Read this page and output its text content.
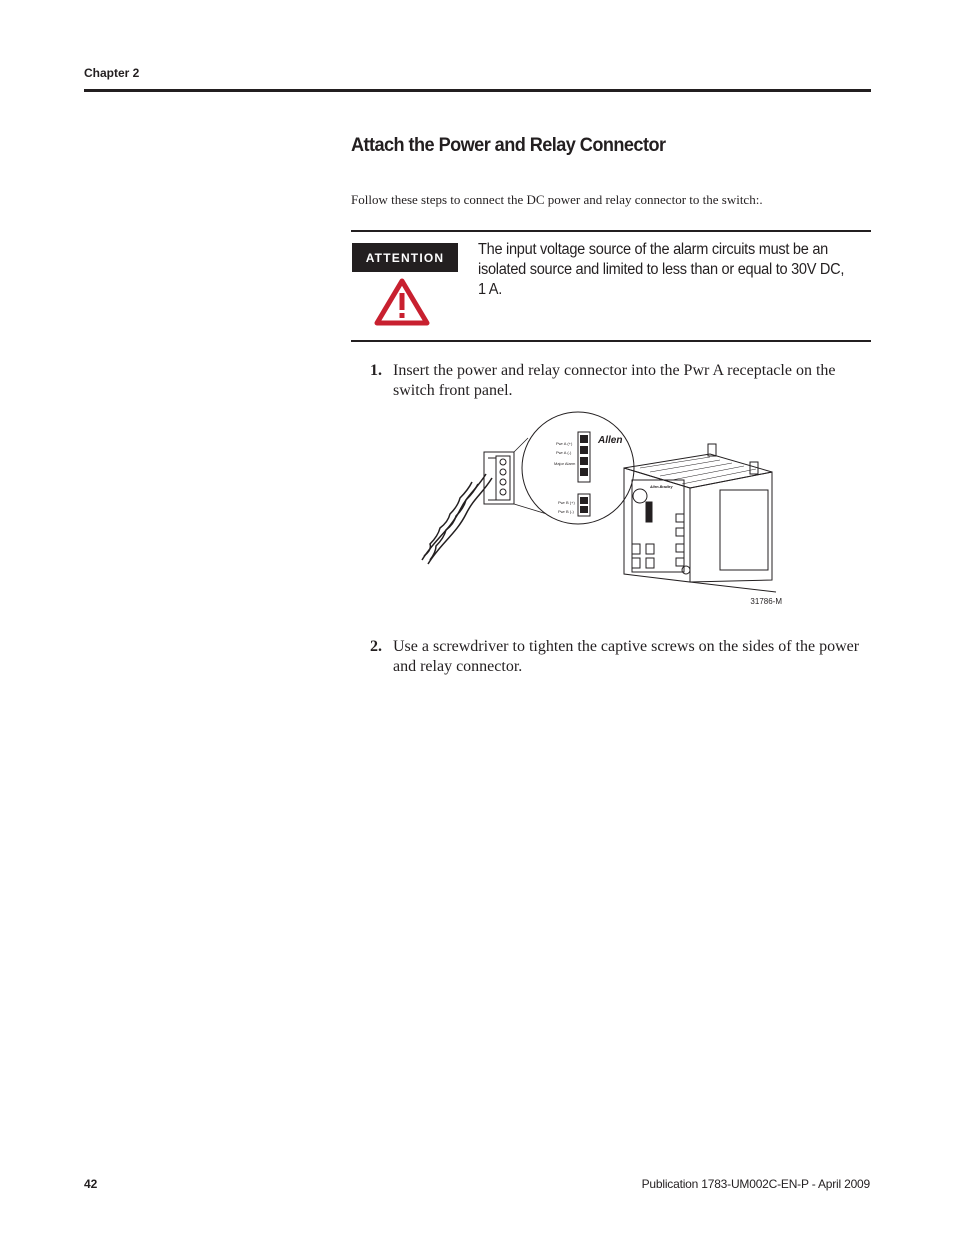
Chapter 2
Attach the Power and Relay Connector
Follow these steps to connect the DC power and relay connector to the switch:.
ATTENTION	The input voltage source of the alarm circuits must be an isolated source and limited to less than or equal to 30V DC, 1 A.
1. Insert the power and relay connector into the Pwr A receptacle on the switch front panel.
Allen
Pwr A (+)
Pwr A (-)
Major Alarm
Pwr B (+)
Pwr B (-)
Allen-Bradley
31786-M
2. Use a screwdriver to tighten the captive screws on the sides of the power and relay connector.
42	Publication 1783-UM002C-EN-P - April 2009
